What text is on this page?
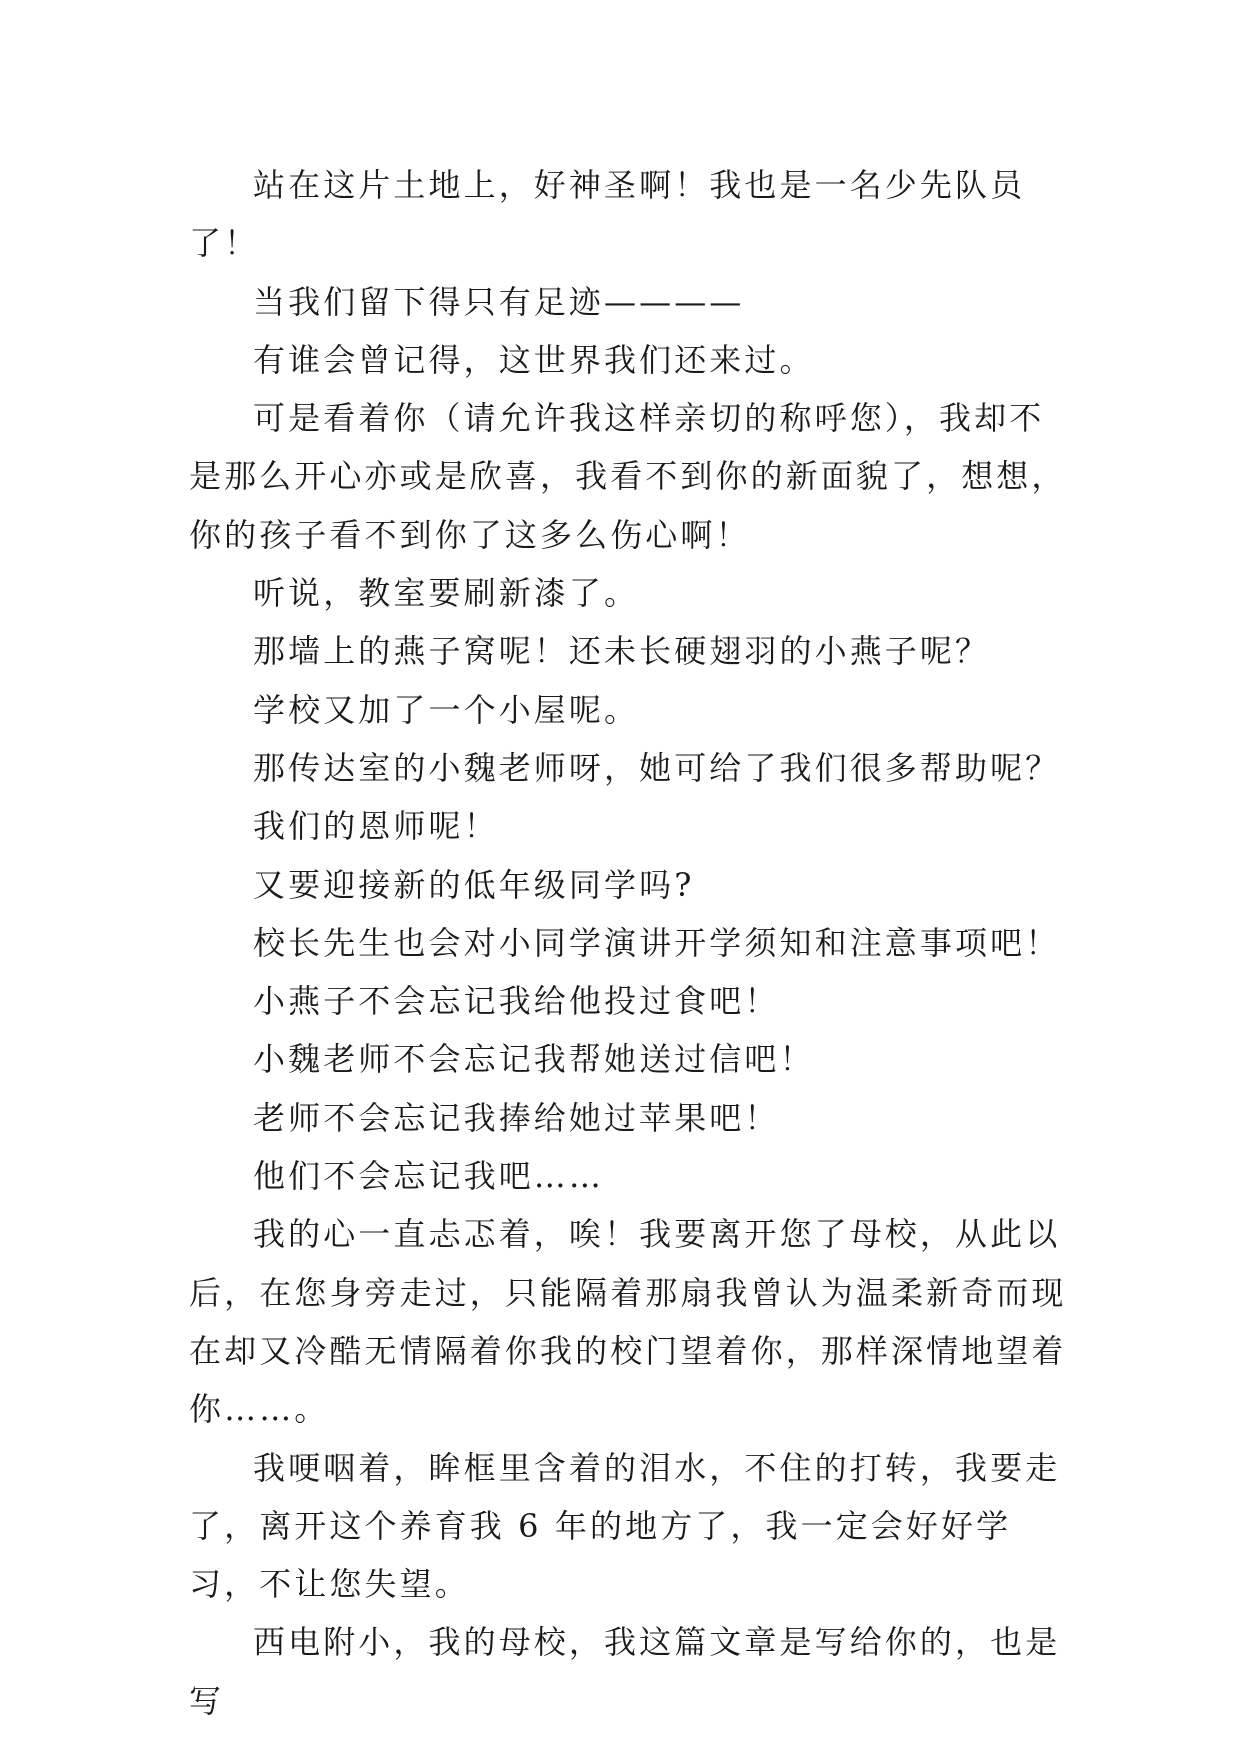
站在这片土地上，好神圣啊！我也是一名少先队员了！

当我们留下得只有足迹————

有谁会曾记得，这世界我们还来过。

可是看着你（请允许我这样亲切的称呼您），我却不是那么开心亦或是欣喜，我看不到你的新面貌了，想想，你的孩子看不到你了这多么伤心啊！

听说，教室要刷新漆了。

那墙上的燕子窝呢！还未长硬翅羽的小燕子呢？

学校又加了一个小屋呢。

那传达室的小魏老师呀，她可给了我们很多帮助呢？

我们的恩师呢！

又要迎接新的低年级同学吗?

校长先生也会对小同学演讲开学须知和注意事项吧！

小燕子不会忘记我给他投过食吧！

小魏老师不会忘记我帮她送过信吧！

老师不会忘记我捧给她过苹果吧！

他们不会忘记我吧……

我的心一直忐忑着，唉！我要离开您了母校，从此以后，在您身旁走过，只能隔着那扇我曾认为温柔新奇而现在却又冷酷无情隔着你我的校门望着你，那样深情地望着你……。

我哽咽着，眸框里含着的泪水，不住的打转，我要走了，离开这个养育我 6 年的地方了，我一定会好好学习，不让您失望。

西电附小，我的母校，我这篇文章是写给你的，也是写
